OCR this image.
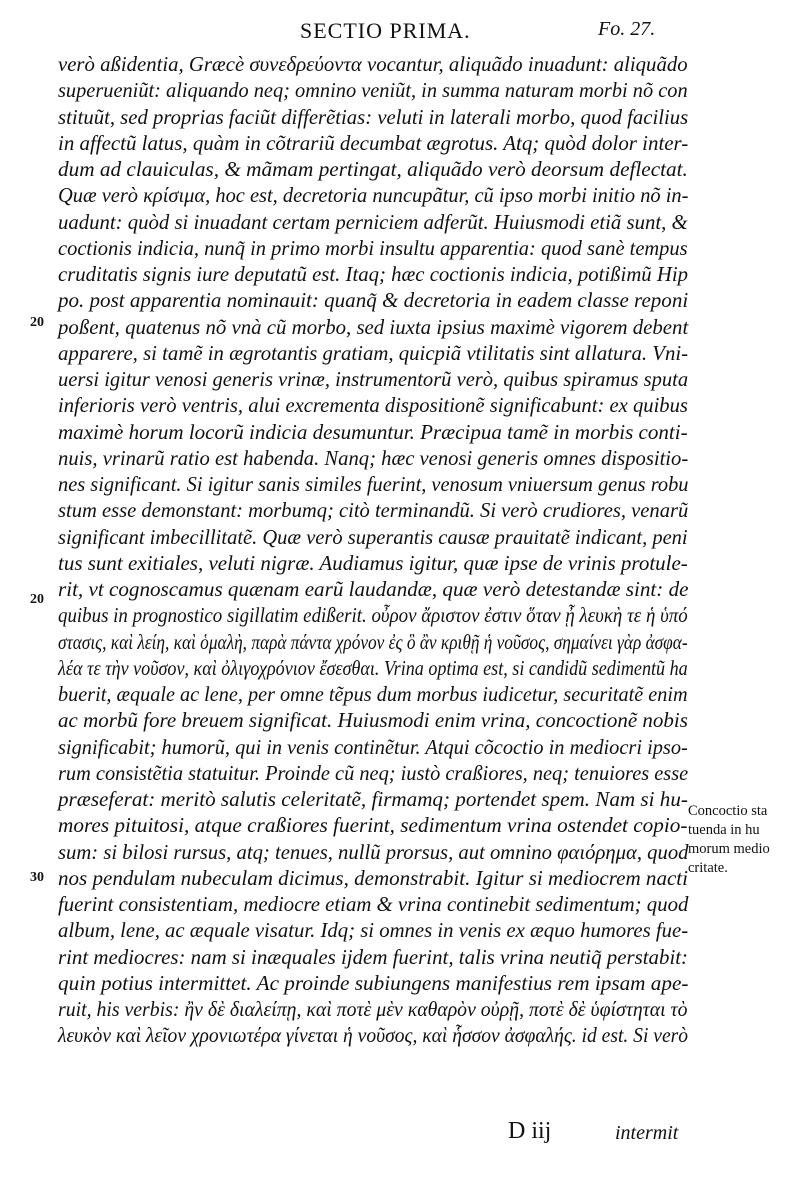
SECTIO PRIMA.	Fo. 27.
20
20
30
verò aßidentia, Græcè συνεδρεύοντα vocantur, aliquãdo inuadunt: aliquãdo
superueniũt: aliquando neq; omnino veniũt, in summa naturam morbi nõ con
stituũt, sed proprias faciũt differẽtias: veluti in laterali morbo, quod facilius
in affectũ latus, quàm in cõtrariũ decumbat ægrotus. Atq; quòd dolor inter-
dum ad clauiculas, & mãmam pertingat, aliquãdo verò deorsum deflectat.
Quæ verò κρίσιμα, hoc est, decretoria nuncupãtur, cũ ipso morbi initio nõ in-
uadunt: quòd si inuadant certam perniciem adferũt. Huiusmodi etiã sunt, &
coctionis indicia, nunq̃ in primo morbi insultu apparentia: quod sanè tempus
cruditatis signis iure deputatũ est. Itaq; hæc coctionis indicia, potißimũ Hip
po. post apparentia nominauit: quanq̃ & decretoria in eadem classe reponi
poßent, quatenus nõ vnà cũ morbo, sed iuxta ipsius maximè vigorem debent
apparere, si tamẽ in ægrotantis gratiam, quicpiã vtilitatis sint allatura. Vni-
uersi igitur venosi generis vrinæ, instrumentorũ verò, quibus spiramus sputa
inferioris verò ventris, alui excrementa dispositionẽ significabunt: ex quibus
maximè horum locorũ indicia desumuntur. Præcipua tamẽ in morbis conti-
nuis, vrinarũ ratio est habenda. Nanq; hæc venosi generis omnes dispositio-
nes significant. Si igitur sanis similes fuerint, venosum vniuersum genus robu
stum esse demonstant: morbumq; citò terminandũ. Si verò crudiores, venarũ
significant imbecillitatẽ. Quæ verò superantis causæ prauitatẽ indicant, peni
tus sunt exitiales, veluti nigræ. Audiamus igitur, quæ ipse de vrinis protule-
rit, vt cognoscamus quænam earũ laudandæ, quæ verò detestandæ sint: de
quibus in prognostico sigillatim edißerit. οὖρον ἄριστον ἐστιν ὅταν ᾖ λευκὴ τε ἡ ὑπό
στασις, καὶ λείη, καὶ ὁμαλὴ, παρὰ πάντα χρόνον ἐς ὃ ἂν κριθῇ ἡ νοῦσος, σημαίνει γὰρ ἀσφα-
λέα τε τὴν νοῦσον, καὶ ὀλιγοχρόνιον ἔσεσθαι. Vrina optima est, si candidũ sedimentũ ha
buerit, æquale ac lene, per omne tẽpus dum morbus iudicetur, securitatẽ enim
ac morbũ fore breuem significat. Huiusmodi enim vrina, concoctionẽ nobis
significabit; humorũ, qui in venis continẽtur. Atqui cõcoctio in mediocri ipso-
rum consistẽtia statuitur. Proinde cũ neq; iustò craßiores, neq; tenuiores esse
præseferat: meritò salutis celeritatẽ, firmamq; portendet spem. Nam si hu-
mores pituitosi, atque craßiores fuerint, sedimentum vrina ostendet copio-
sum: si bilosi rursus, atq; tenues, nullũ prorsus, aut omnino φαιόρημα, quod
nos pendulam nubeculam dicimus, demonstrabit. Igitur si mediocrem nacti
fuerint consistentiam, mediocre etiam & vrina continebit sedimentum; quod
album, lene, ac æquale visatur. Idq; si omnes in venis ex æquo humores fue-
rint mediocres: nam si inæquales ijdem fuerint, talis vrina neutiq̃ perstabit:
quin potius intermittet. Ac proinde subiungens manifestius rem ipsam ape-
ruit, his verbis: ἢν δὲ διαλείπῃ, καὶ ποτὲ μὲν καθαρὸν οὐρῇ, ποτὲ δὲ ὑφίστηται τὸ
λευκὸν καὶ λεῖον χρονιωτέρα γίνεται ἡ νοῦσος, καὶ ἧσσον ἀσφαλής. id est. Si verò
Concoctio sta
tuenda in hu
morum medio
critate.
D iij	intermit
